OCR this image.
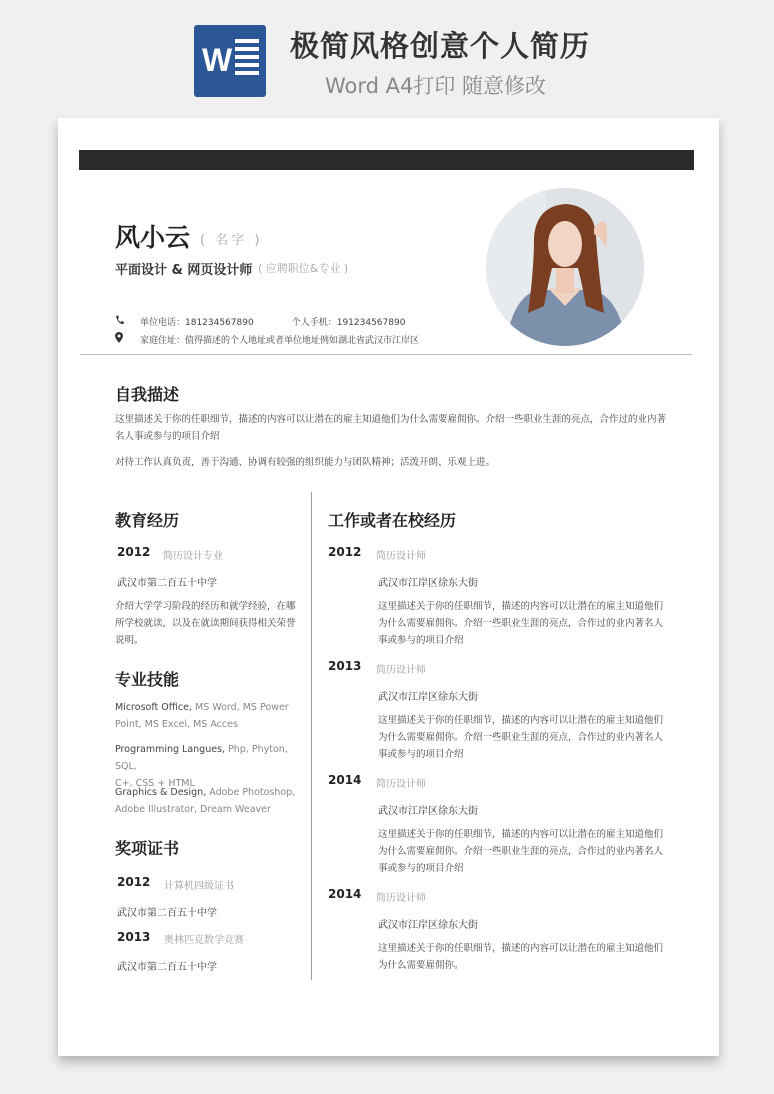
W 极简风格创意个人简历
Word A4打印 随意修改
风小云 ( 名字 )
平面设计 & 网页设计师 ( 应聘职位&专业 )
单位电话：181234567890	个人手机：191234567890
家庭住址：值得描述的个人地址或者单位地址例如湖北省武汉市江岸区
自我描述
这里描述关于你的任职细节，描述的内容可以让潜在的雇主知道他们为什么需要雇佣你。介绍一些职业生涯的亮点，合作过的业内著
名人事或参与的项目介绍
对待工作认真负责，善于沟通、协调有较强的组织能力与团队精神；活泼开朗、乐观上进。
教育经历
2012 简历设计专业
武汉市第二百五十中学
介绍大学学习阶段的经历和就学经验，在哪
所学校就读，以及在就读期间获得相关荣誉
说明。
专业技能
Microsoft Office, MS Word, MS Power
Point, MS Excel, MS Acces
Programming Langues, Php, Phyton, SQL,
C+, CSS + HTML
Graphics & Design, Adobe Photoshop,
Adobe Illustrator, Dream Weaver
奖项证书
2012 计算机四级证书
武汉市第二百五十中学
2013 奥林匹克数学竞赛
武汉市第二百五十中学
工作或者在校经历
2012 简历设计师
武汉市江岸区徐东大街
这里描述关于你的任职细节，描述的内容可以让潜在的雇主知道他们
为什么需要雇佣你。介绍一些职业生涯的亮点，合作过的业内著名人
事或参与的项目介绍
2013 简历设计师
武汉市江岸区徐东大街
这里描述关于你的任职细节，描述的内容可以让潜在的雇主知道他们
为什么需要雇佣你。介绍一些职业生涯的亮点，合作过的业内著名人
事或参与的项目介绍
2014 简历设计师
武汉市江岸区徐东大街
这里描述关于你的任职细节，描述的内容可以让潜在的雇主知道他们
为什么需要雇佣你。介绍一些职业生涯的亮点，合作过的业内著名人
事或参与的项目介绍
2014 简历设计师
武汉市江岸区徐东大街
这里描述关于你的任职细节，描述的内容可以让潜在的雇主知道他们
为什么需要雇佣你。
